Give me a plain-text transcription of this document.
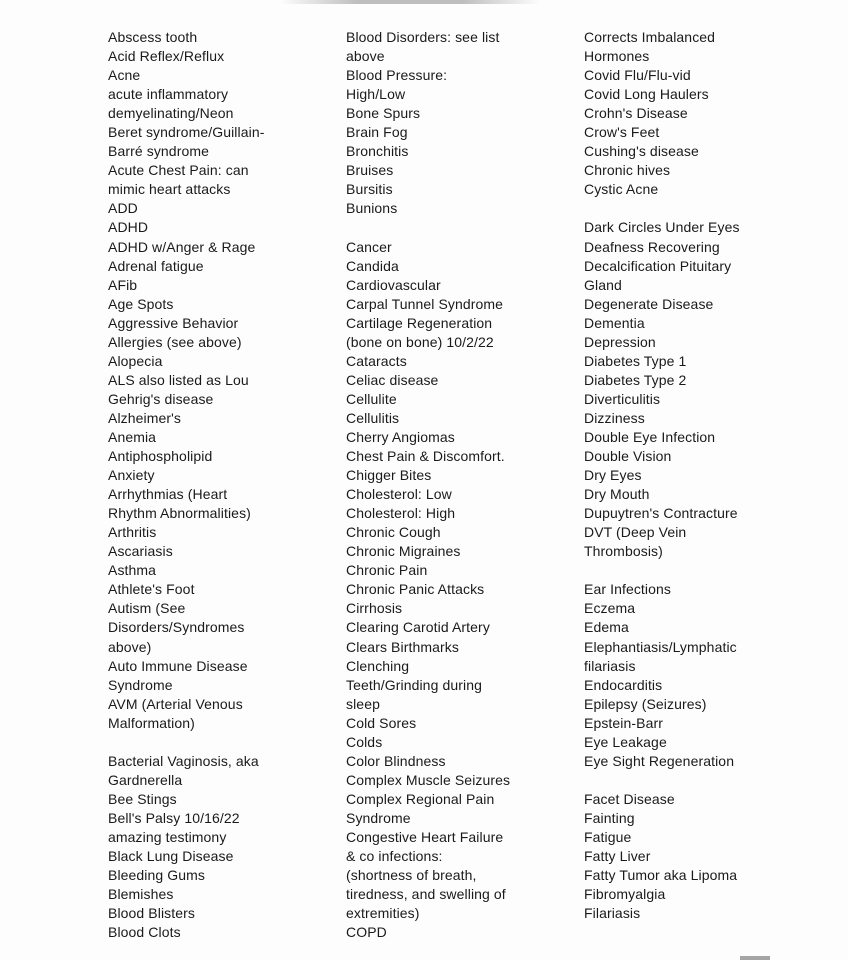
Abscess tooth
Acid Reflex/Reflux
Acne
acute inflammatory
demyelinating/Neon
Beret syndrome/Guillain-
Barré syndrome
Acute Chest Pain: can
mimic heart attacks
ADD
ADHD
ADHD w/Anger & Rage
Adrenal fatigue
AFib
Age Spots
Aggressive Behavior
Allergies (see above)
Alopecia
ALS also listed as Lou
Gehrig's disease
Alzheimer's
Anemia
Antiphospholipid
Anxiety
Arrhythmias (Heart
Rhythm Abnormalities)
Arthritis
Ascariasis
Asthma
Athlete's Foot
Autism (See
Disorders/Syndromes
above)
Auto Immune Disease
Syndrome
AVM (Arterial Venous
Malformation)
Bacterial Vaginosis, aka
Gardnerella
Bee Stings
Bell's Palsy 10/16/22
amazing testimony
Black Lung Disease
Bleeding Gums
Blemishes
Blood Blisters
Blood Clots
Blood Disorders: see list
above
Blood Pressure:
High/Low
Bone Spurs
Brain Fog
Bronchitis
Bruises
Bursitis
Bunions
Cancer
Candida
Cardiovascular
Carpal Tunnel Syndrome
Cartilage Regeneration
(bone on bone) 10/2/22
Cataracts
Celiac disease
Cellulite
Cellulitis
Cherry Angiomas
Chest Pain & Discomfort.
Chigger Bites
Cholesterol: Low
Cholesterol: High
Chronic Cough
Chronic Migraines
Chronic Pain
Chronic Panic Attacks
Cirrhosis
Clearing Carotid Artery
Clears Birthmarks
Clenching
Teeth/Grinding during
sleep
Cold Sores
Colds
Color Blindness
Complex Muscle Seizures
Complex Regional Pain
Syndrome
Congestive Heart Failure
& co infections:
(shortness of breath,
tiredness, and swelling of
extremities)
COPD
Corrects Imbalanced
Hormones
Covid Flu/Flu-vid
Covid Long Haulers
Crohn's Disease
Crow's Feet
Cushing's disease
Chronic hives
Cystic Acne
Dark Circles Under Eyes
Deafness Recovering
Decalcification Pituitary
Gland
Degenerate Disease
Dementia
Depression
Diabetes Type 1
Diabetes Type 2
Diverticulitis
Dizziness
Double Eye Infection
Double Vision
Dry Eyes
Dry Mouth
Dupuytren's Contracture
DVT (Deep Vein
Thrombosis)
Ear Infections
Eczema
Edema
Elephantiasis/Lymphatic
filariasis
Endocarditis
Epilepsy (Seizures)
Epstein-Barr
Eye Leakage
Eye Sight Regeneration
Facet Disease
Fainting
Fatigue
Fatty Liver
Fatty Tumor aka Lipoma
Fibromyalgia
Filariasis
